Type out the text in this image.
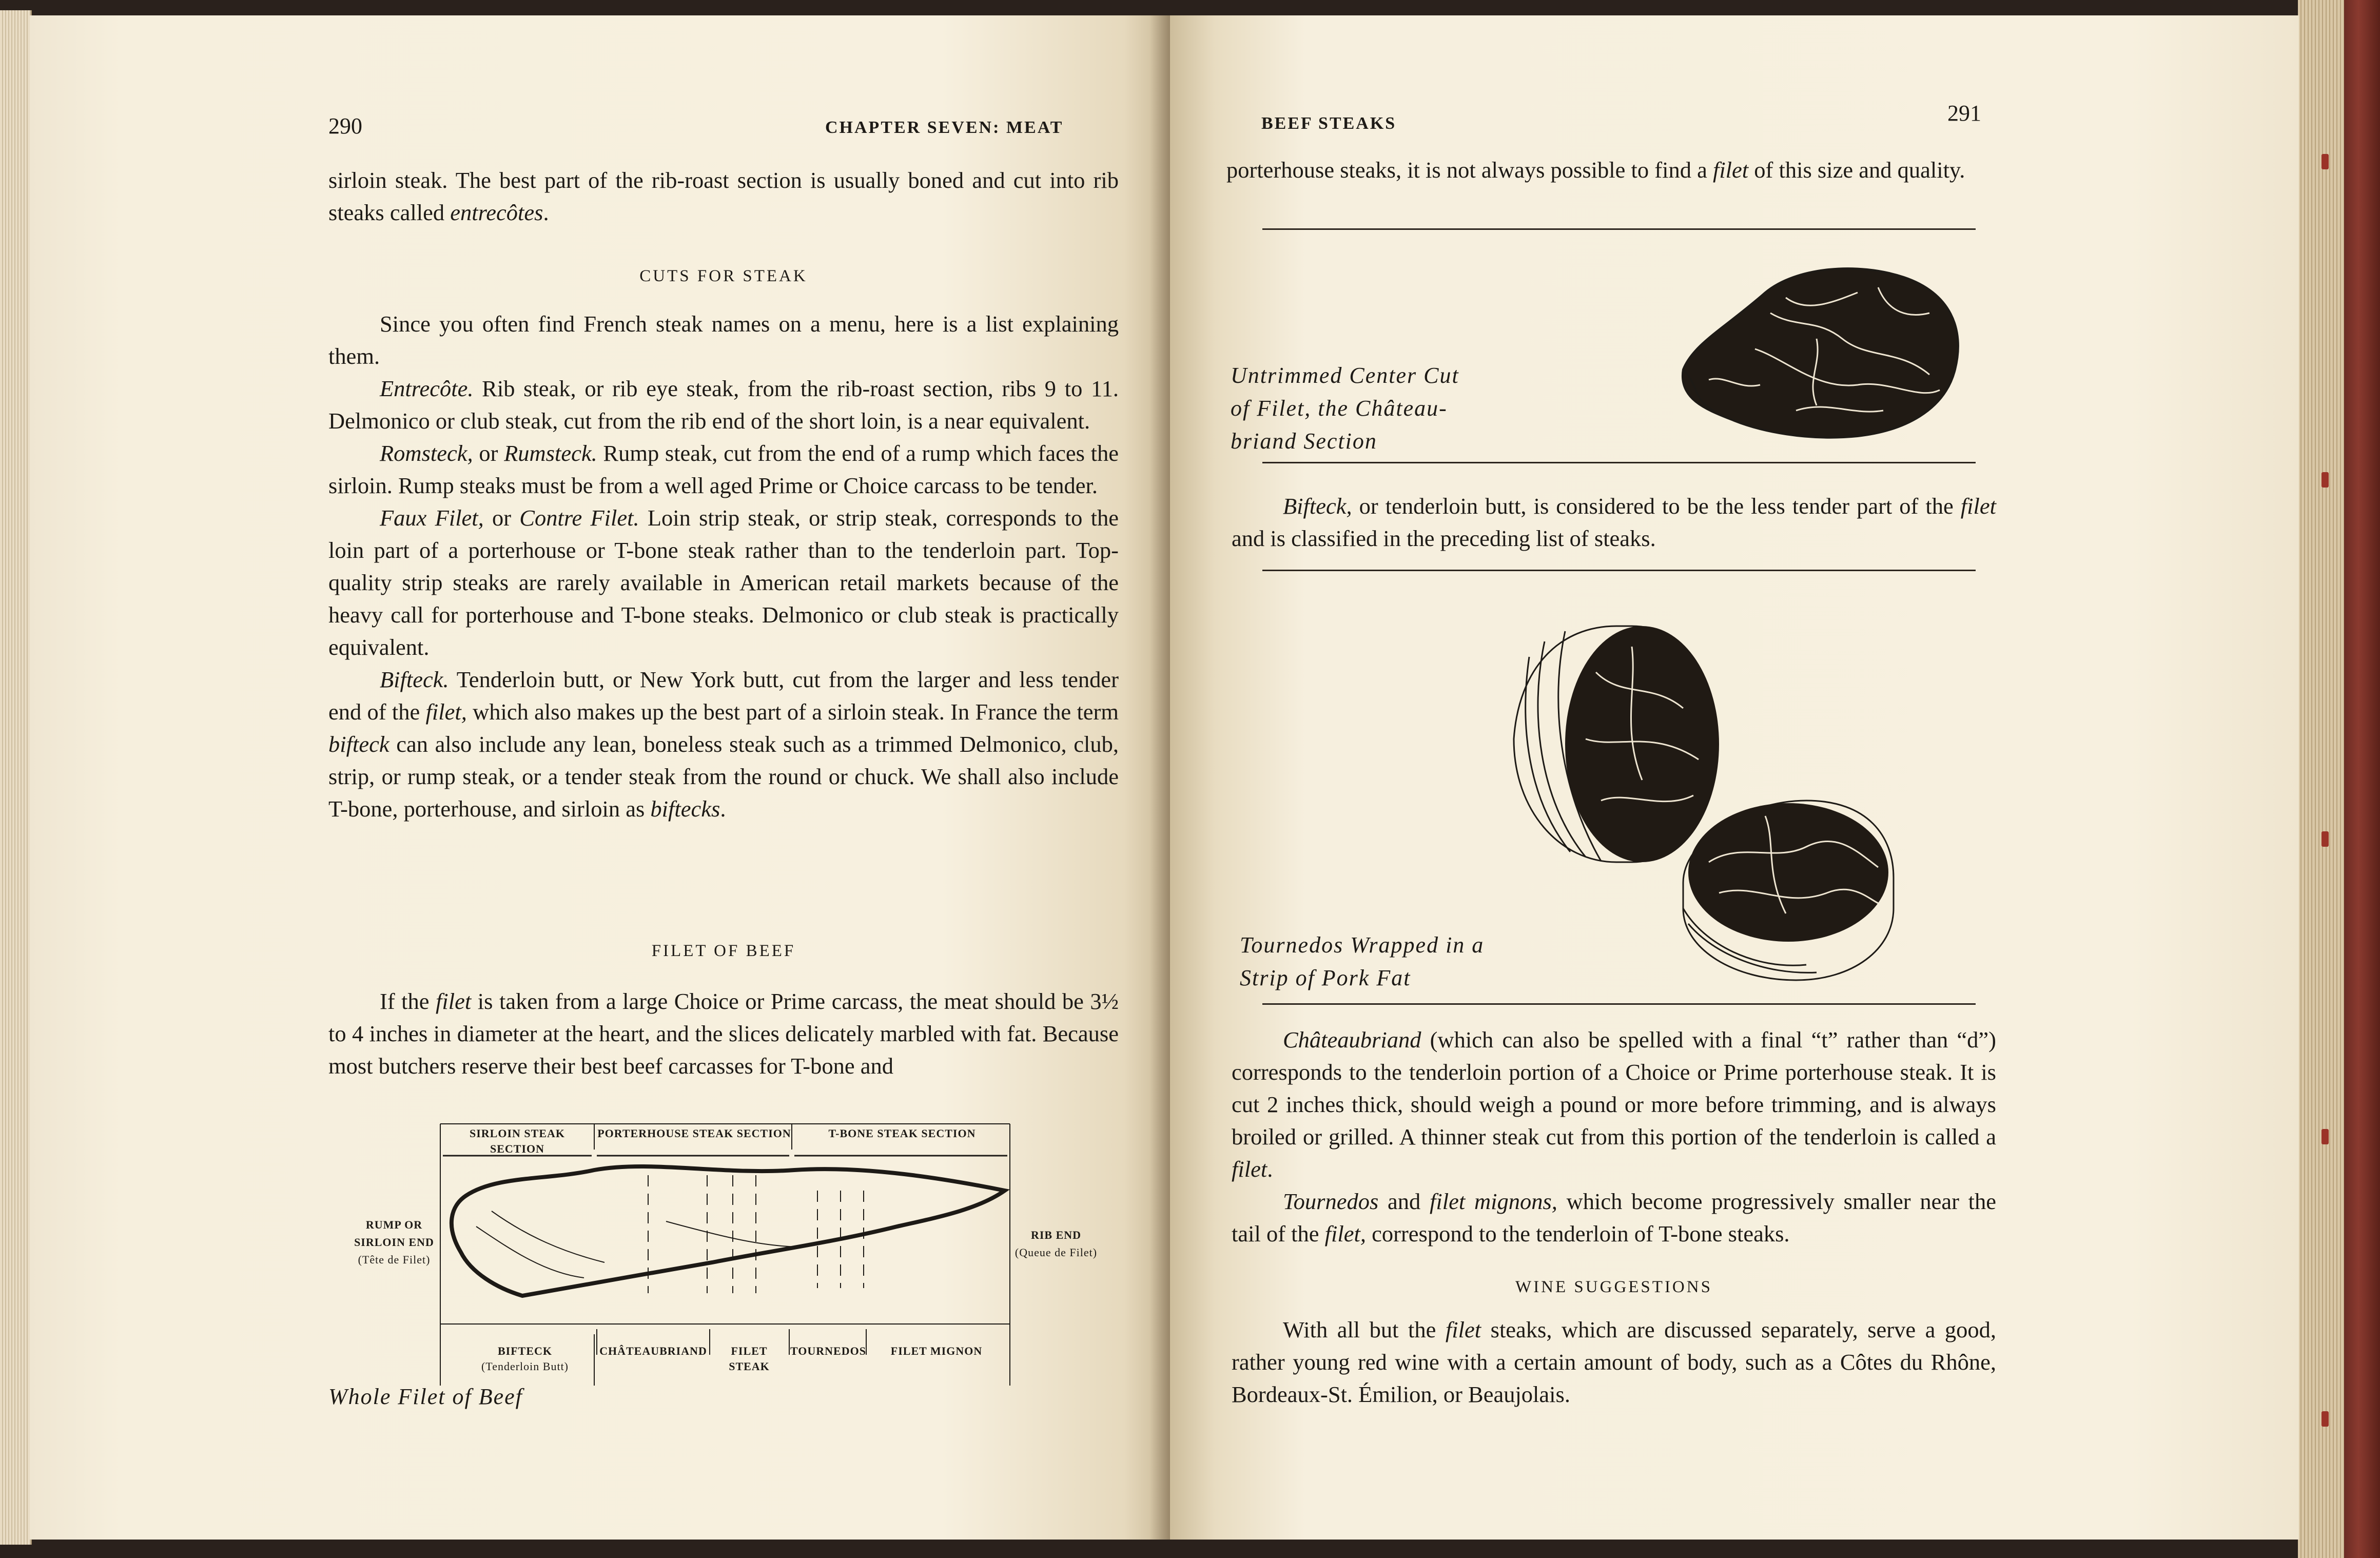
290	CHAPTER SEVEN: MEAT

sirloin steak. The best part of the rib-roast section is usually boned and cut into rib steaks called entrecôtes.

CUTS FOR STEAK

Since you often find French steak names on a menu, here is a list explaining them.

Entrecôte. Rib steak, or rib eye steak, from the rib-roast section, ribs 9 to 11. Delmonico or club steak, cut from the rib end of the short loin, is a near equivalent.

Romsteck, or Rumsteck. Rump steak, cut from the end of a rump which faces the sirloin. Rump steaks must be from a well aged Prime or Choice carcass to be tender.

Faux Filet, or Contre Filet. Loin strip steak, or strip steak, corresponds to the loin part of a porterhouse or T-bone steak rather than to the tenderloin part. Top-quality strip steaks are rarely available in American retail markets because of the heavy call for porterhouse and T-bone steaks. Delmonico or club steak is practically equivalent.

Bifteck. Tenderloin butt, or New York butt, cut from the larger and less tender end of the filet, which also makes up the best part of a sirloin steak. In France the term bifteck can also include any lean, boneless steak such as a trimmed Delmonico, club, strip, or rump steak, or a tender steak from the round or chuck. We shall also include T-bone, porterhouse, and sirloin as biftecks.

FILET OF BEEF

If the filet is taken from a large Choice or Prime carcass, the meat should be 3½ to 4 inches in diameter at the heart, and the slices delicately marbled with fat. Because most butchers reserve their best beef carcasses for T-bone and

SIRLOIN STEAK SECTION
PORTERHOUSE STEAK SECTION	T-BONE STEAK SECTION
RUMP OR
SIRLOIN END
(Tête de Filet)
RIB END
(Queue de Filet)
BIFTECK
(Tenderloin Butt)
CHÂTEAUBRIAND	FILET STEAK
TOURNEDOS	FILET MIGNON
Whole Filet of Beef
BEEF STEAKS	291

porterhouse steaks, it is not always possible to find a filet of this size and quality.

Untrimmed Center Cut
of Filet, the Château-
briand Section

Bifteck, or tenderloin butt, is considered to be the less tender part of the filet and is classified in the preceding list of steaks.

Tournedos Wrapped in a
Strip of Pork Fat

Châteaubriand (which can also be spelled with a final “t” rather than “d”) corresponds to the tenderloin portion of a Choice or Prime porterhouse steak. It is cut 2 inches thick, should weigh a pound or more before trimming, and is always broiled or grilled. A thinner steak cut from this portion of the tenderloin is called a filet.

Tournedos and filet mignons, which become progressively smaller near the tail of the filet, correspond to the tenderloin of T-bone steaks.

WINE SUGGESTIONS

With all but the filet steaks, which are discussed separately, serve a good, rather young red wine with a certain amount of body, such as a Côtes du Rhône, Bordeaux-St. Émilion, or Beaujolais.
